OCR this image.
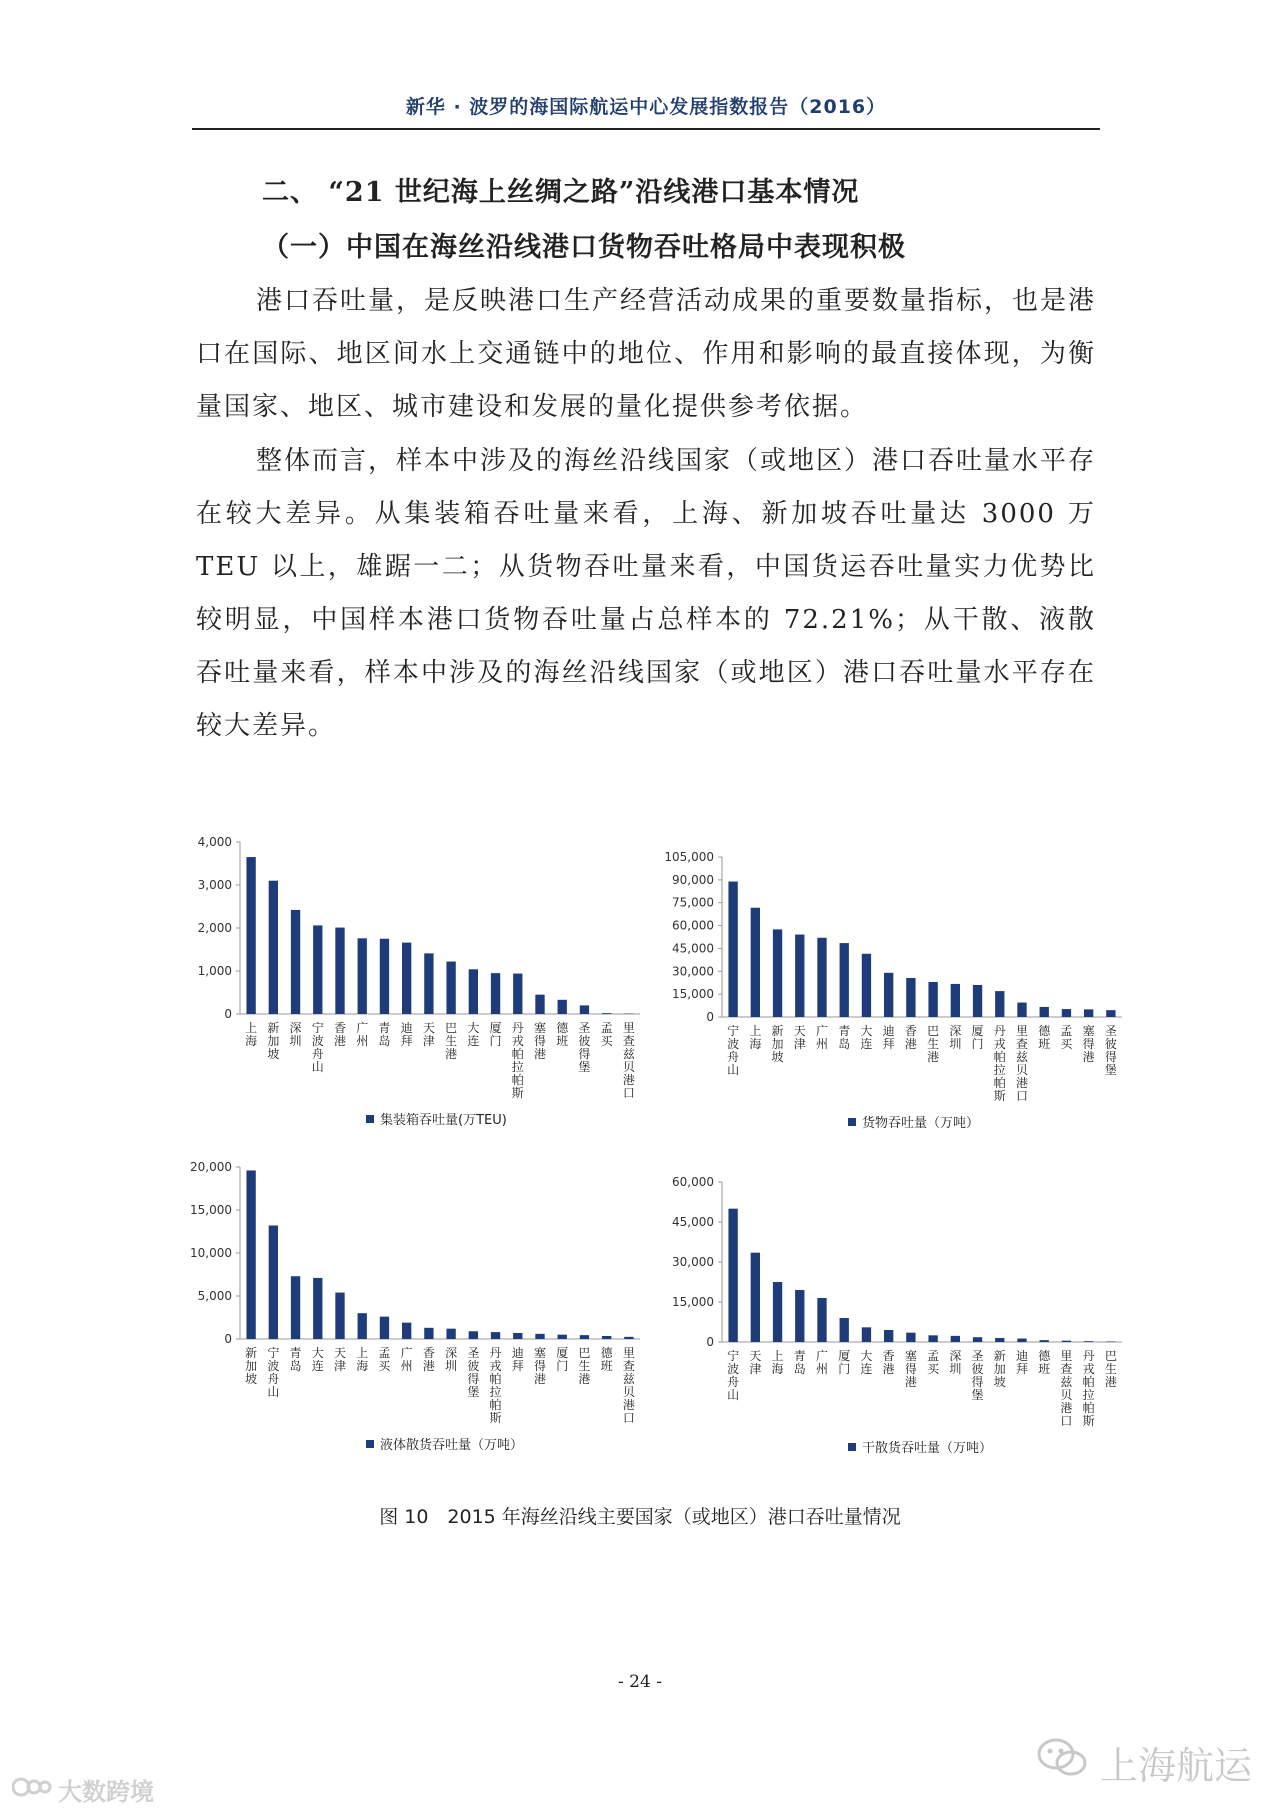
新华 · 波罗的海国际航运中心发展指数报告（2016）
二、 “21 世纪海上丝绸之路”沿线港口基本情况
（一）中国在海丝沿线港口货物吞吐格局中表现积极

港口吞吐量，是反映港口生产经营活动成果的重要数量指标，也是港口在国际、地区间水上交通链中的地位、作用和影响的最直接体现，为衡量国家、地区、城市建设和发展的量化提供参考依据。

整体而言，样本中涉及的海丝沿线国家（或地区）港口吞吐量水平存在较大差异。从集装箱吞吐量来看，上海、新加坡吞吐量达 3000 万 TEU 以上，雄踞一二；从货物吞吐量来看，中国货运吞吐量实力优势比较明显，中国样本港口货物吞吐量占总样本的 72.21%；从干散、液散吞吐量来看，样本中涉及的海丝沿线国家（或地区）港口吞吐量水平存在较大差异。

0
1,000
2,000
3,000
4,000
上海
新加坡
深圳
宁波舟山
香港
广州
青岛
迪拜
天津
巴生港
大连
厦门
丹戎帕拉帕斯
塞得港
德班
圣彼得堡
孟买
里查兹贝港口
集装箱吞吐量(万TEU)
0
15,000
30,000
45,000
60,000
75,000
90,000
105,000
宁波舟山
上海
新加坡
天津
广州
青岛
大连
迪拜
香港
巴生港
深圳
厦门
丹戎帕拉帕斯
里查兹贝港口
德班
孟买
塞得港
圣彼得堡
货物吞吐量（万吨）
0
5,000
10,000
15,000
20,000
新加坡
宁波舟山
青岛
大连
天津
上海
孟买
广州
香港
深圳
圣彼得堡
丹戎帕拉帕斯
迪拜
塞得港
厦门
巴生港
德班
里查兹贝港口
液体散货吞吐量（万吨）
0
15,000
30,000
45,000
60,000
宁波舟山
天津
上海
青岛
广州
厦门
大连
香港
塞得港
孟买
深圳
圣彼得堡
新加坡
迪拜
德班
里查兹贝港口
丹戎帕拉帕斯
巴生港
干散货吞吐量（万吨）
图 10　2015 年海丝沿线主要国家（或地区）港口吞吐量情况
- 24 -
上海航运
大数跨境
